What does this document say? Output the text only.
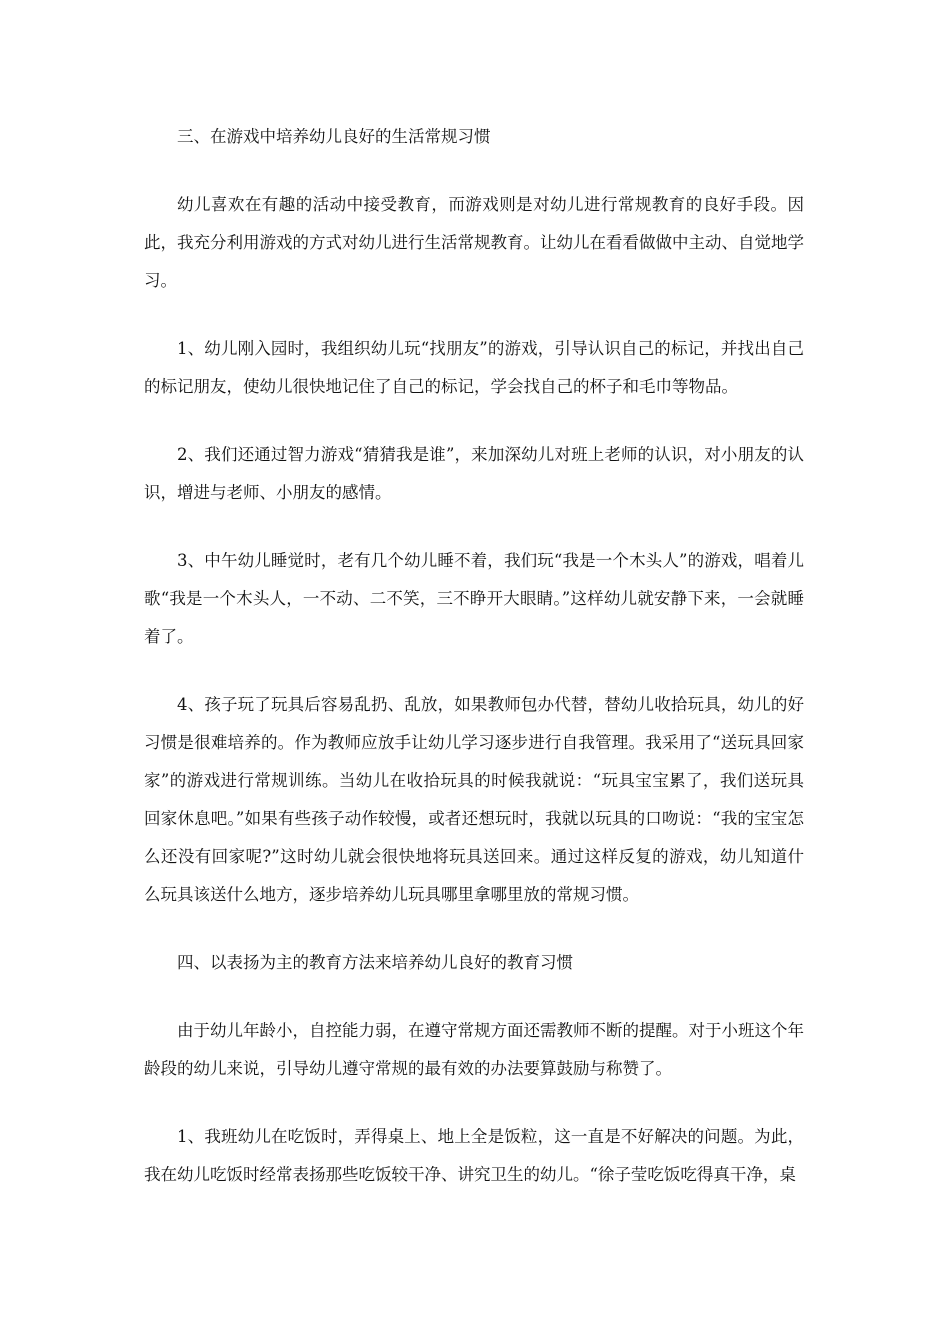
三、在游戏中培养幼儿良好的生活常规习惯

幼儿喜欢在有趣的活动中接受教育，而游戏则是对幼儿进行常规教育的良好手段。因此，我充分利用游戏的方式对幼儿进行生活常规教育。让幼儿在看看做做中主动、自觉地学习。

1、幼儿刚入园时，我组织幼儿玩“找朋友”的游戏，引导认识自己的标记，并找出自己的标记朋友，使幼儿很快地记住了自己的标记，学会找自己的杯子和毛巾等物品。

2、我们还通过智力游戏“猜猜我是谁”，来加深幼儿对班上老师的认识，对小朋友的认识，增进与老师、小朋友的感情。

3、中午幼儿睡觉时，老有几个幼儿睡不着，我们玩“我是一个木头人”的游戏，唱着儿歌“我是一个木头人，一不动、二不笑，三不睁开大眼睛。”这样幼儿就安静下来，一会就睡着了。

4、孩子玩了玩具后容易乱扔、乱放，如果教师包办代替，替幼儿收拾玩具，幼儿的好习惯是很难培养的。作为教师应放手让幼儿学习逐步进行自我管理。我采用了“送玩具回家家”的游戏进行常规训练。当幼儿在收拾玩具的时候我就说：“玩具宝宝累了，我们送玩具回家休息吧。”如果有些孩子动作较慢，或者还想玩时，我就以玩具的口吻说：“我的宝宝怎么还没有回家呢?”这时幼儿就会很快地将玩具送回来。通过这样反复的游戏，幼儿知道什么玩具该送什么地方，逐步培养幼儿玩具哪里拿哪里放的常规习惯。

四、以表扬为主的教育方法来培养幼儿良好的教育习惯

由于幼儿年龄小，自控能力弱，在遵守常规方面还需教师不断的提醒。对于小班这个年龄段的幼儿来说，引导幼儿遵守常规的最有效的办法要算鼓励与称赞了。

1、我班幼儿在吃饭时，弄得桌上、地上全是饭粒，这一直是不好解决的问题。为此，我在幼儿吃饭时经常表扬那些吃饭较干净、讲究卫生的幼儿。“徐子莹吃饭吃得真干净，桌
